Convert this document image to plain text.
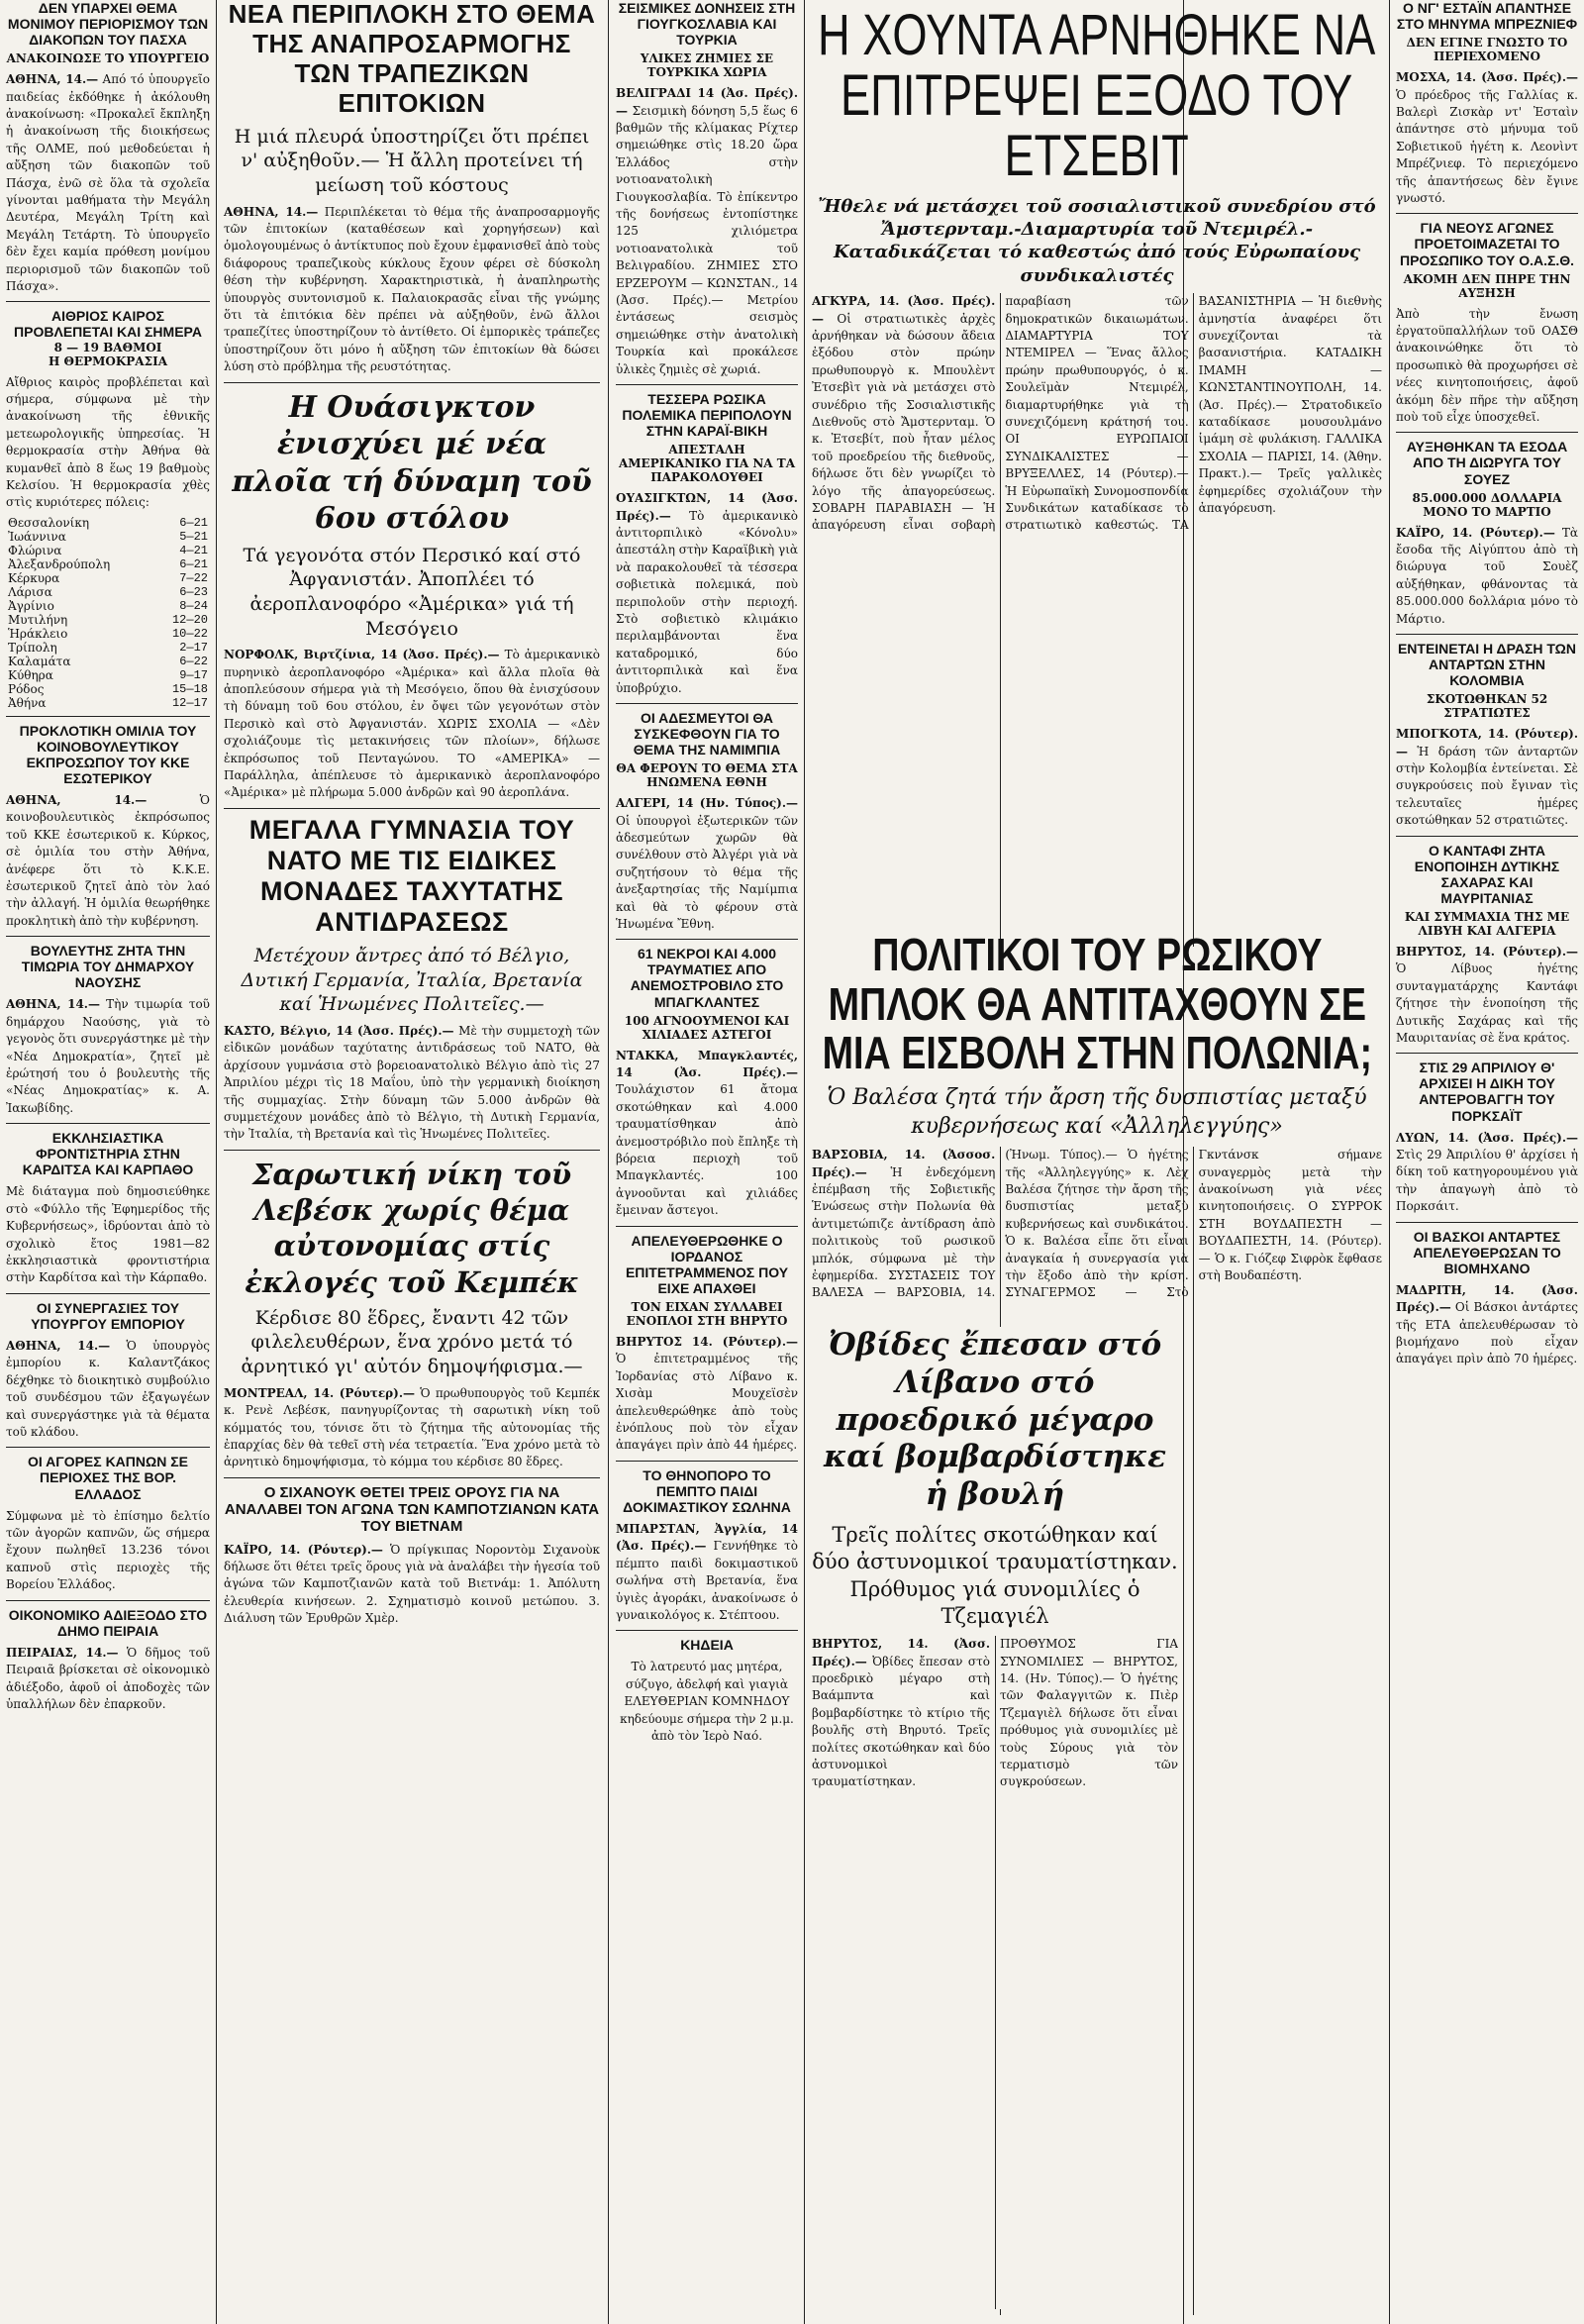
ΔΕΝ ΥΠΑΡΧΕΙ ΘΕΜΑ ΜΟΝΙΜΟΥ ΠΕΡΙΟΡΙΣΜΟΥ ΤΩΝ ΔΙΑΚΟΠΩΝ ΤΟΥ ΠΑΣΧΑ
ΑΝΑΚΟΙΝΩΣΕ ΤΟ ΥΠΟΥΡΓΕΙΟ
ΑΘΗΝΑ, 14.— Από τό ὑπουργεῖο παιδείας ἐκδόθηκε ἡ ἀκόλουθη ἀνακοίνωση: «Προκαλεῖ ἔκπληξη ἡ ἀνακοίνωση τῆς διοικήσεως τῆς ΟΛΜΕ, πού μεθοδεύεται ἡ αὔξηση τῶν διακοπῶν τοῦ Πάσχα, ἐνῶ σὲ ὅλα τὰ σχολεῖα γίνονται μαθήματα τὴν Μεγάλη Δευτέρα, Μεγάλη Τρίτη καὶ Μεγάλη Τετάρτη. Τὸ ὑπουργεῖο δὲν ἔχει καμία πρόθεση μονίμου περιορισμοῦ τῶν διακοπῶν τοῦ Πάσχα».
ΑΙΘΡΙΟΣ ΚΑΙΡΟΣ ΠΡΟΒΛΕΠΕΤΑΙ ΚΑΙ ΣΗΜΕΡΑ
8 — 19 ΒΑΘΜΟΙ
Η ΘΕΡΜΟΚΡΑΣΙΑ
Αἴθριος καιρὸς προβλέπεται καὶ σήμερα, σύμφωνα μὲ τὴν ἀνακοίνωση τῆς ἐθνικῆς μετεωρολογικῆς ὑπηρεσίας. Ἡ θερμοκρασία στὴν Ἀθήνα θὰ κυμανθεῖ ἀπὸ 8 ἕως 19 βαθμοὺς Κελσίου. Ἡ θερμοκρασία χθὲς στὶς κυριότερες πόλεις:
Θεσσαλονίκη	6—21
Ἰωάννινα	5—21
Φλώρινα	4—21
Ἀλεξανδρούπολη	6—21
Κέρκυρα	7—22
Λάρισα	6—23
Ἀγρίνιο	8—24
Μυτιλήνη	12—20
Ἡράκλειο	10—22
Τρίπολη	2—17
Καλαμάτα	6—22
Κύθηρα	9—17
Ρόδος	15—18
Ἀθήνα	12—17
ΠΡΟΚΛΟΤΙΚΗ ΟΜΙΛΙΑ ΤΟΥ ΚΟΙΝΟΒΟΥΛΕΥΤΙΚΟΥ ΕΚΠΡΟΣΩΠΟΥ ΤΟΥ ΚΚΕ ΕΣΩΤΕΡΙΚΟΥ
ΑΘΗΝΑ, 14.—	Ὁ κοινοβουλευτικὸς ἐκπρόσωπος τοῦ ΚΚΕ ἐσωτερικοῦ κ. Κύρκος, σὲ ὁμιλία του στὴν Ἀθήνα, ἀνέφερε ὅτι τὸ Κ.Κ.Ε. ἐσωτερικοῦ ζητεῖ ἀπὸ τὸν λαό τὴν ἀλλαγή. Ἡ ὁμιλία θεωρήθηκε προκλητικὴ ἀπὸ τὴν κυβέρνηση.
ΒΟΥΛΕΥΤΗΣ ΖΗΤΑ ΤΗΝ ΤΙΜΩΡΙΑ ΤΟΥ ΔΗΜΑΡΧΟΥ ΝΑΟΥΣΗΣ
ΑΘΗΝΑ, 14.— Τὴν τιμωρία τοῦ δημάρχου Ναούσης, γιὰ τὸ γεγονὸς ὅτι συνεργάστηκε μὲ τὴν «Νέα Δημοκρατία», ζητεῖ μὲ ἐρώτησή του ὁ βουλευτὴς τῆς «Νέας Δημοκρατίας» κ. Α. Ἰακωβίδης.
ΕΚΚΛΗΣΙΑΣΤΙΚΑ ΦΡΟΝΤΙΣΤΗΡΙΑ ΣΤΗΝ ΚΑΡΔΙΤΣΑ ΚΑΙ ΚΑΡΠΑΘΟ
Μὲ διάταγμα ποὺ δημοσιεύθηκε στὸ «Φύλλο τῆς Ἐφημερίδος τῆς Κυβερνήσεως», ἱδρύονται ἀπὸ τὸ σχολικὸ ἔτος 1981—82 ἐκκλησιαστικὰ φροντιστήρια στὴν Καρδίτσα καὶ τὴν Κάρπαθο.
ΟΙ ΣΥΝΕΡΓΑΣΙΕΣ ΤΟΥ ΥΠΟΥΡΓΟΥ ΕΜΠΟΡΙΟΥ
ΑΘΗΝΑ, 14.— Ὁ ὑπουργὸς ἐμπορίου κ. Καλαντζάκος δέχθηκε τὸ διοικητικὸ συμβούλιο τοῦ συνδέσμου τῶν ἐξαγωγέων καὶ συνεργάστηκε γιὰ τὰ θέματα τοῦ κλάδου.
ΟΙ ΑΓΟΡΕΣ ΚΑΠΝΩΝ ΣΕ ΠΕΡΙΟΧΕΣ ΤΗΣ ΒΟΡ. ΕΛΛΑΔΟΣ
Σύμφωνα μὲ τὸ ἐπίσημο δελτίο τῶν ἀγορῶν καπνῶν, ὥς σήμερα ἔχουν πωληθεῖ 13.236 τόνοι καπνοῦ στὶς περιοχὲς τῆς Βορείου Ἑλλάδος.
ΟΙΚΟΝΟΜΙΚΟ ΑΔΙΕΞΟΔΟ ΣΤΟ ΔΗΜΟ ΠΕΙΡΑΙΑ
ΠΕΙΡΑΙΑΣ, 14.— Ὁ δῆμος τοῦ Πειραιᾶ βρίσκεται σὲ οἰκονομικὸ ἀδιέξοδο, ἀφοῦ οἱ ἀποδοχὲς τῶν ὑπαλλήλων δὲν ἐπαρκοῦν.
ΝΕΑ ΠΕΡΙΠΛΟΚΗ ΣΤΟ ΘΕΜΑ ΤΗΣ ΑΝΑΠΡΟΣΑΡΜΟΓΗΣ ΤΩΝ ΤΡΑΠΕΖΙΚΩΝ ΕΠΙΤΟΚΙΩΝ
Η μιά πλευρά ὑποστηρίζει ὅτι πρέπει ν' αὐξηθοῦν.— Ἡ ἄλλη προτείνει τή μείωση τοῦ κόστους
ΑΘΗΝΑ, 14.— Περιπλέκεται τὸ θέμα τῆς ἀναπροσαρμογῆς τῶν ἐπιτοκίων (καταθέσεων καὶ χορηγήσεων) καὶ ὁμολογουμένως ὁ ἀντίκτυπος ποὺ ἔχουν ἐμφανισθεῖ ἀπὸ τοὺς διάφορους τραπεζικοὺς κύκλους ἔχουν φέρει σὲ δύσκολη θέση τὴν κυβέρνηση. Χαρακτηριστικὰ, ἡ ἀναπληρωτὴς ὑπουργὸς συντονισμοῦ κ. Παλαιοκρασᾶς εἶναι τῆς γνώμης ὅτι τὰ ἐπιτόκια δὲν πρέπει νὰ αὐξηθοῦν, ἐνῶ ἄλλοι τραπεζίτες ὑποστηρίζουν τὸ ἀντίθετο. Οἱ ἐμπορικὲς τράπεζες ὑποστηρίζουν ὅτι μόνο ἡ αὔξηση τῶν ἐπιτοκίων θὰ δώσει λύση στὸ πρόβλημα τῆς ρευστότητας.
Η Ουάσιγκτον ἐνισχύει μέ νέα πλοῖα τή δύναμη τοῦ 6ου στόλου
Τά γεγονότα στόν Περσικό καί στό Ἀφγανιστάν. Ἀποπλέει τό ἀεροπλανοφόρο «Ἀμέρικα» γιά τή Μεσόγειο
ΝΟΡΦΟΛΚ, Βιρτζίνια, 14 (Ἀσσ. Πρές).— Τὸ ἀμερικανικὸ πυρηνικὸ ἀεροπλανοφόρο «Ἀμέρικα» καὶ ἄλλα πλοῖα θὰ ἀποπλεύσουν σήμερα γιὰ τὴ Μεσόγειο, ὅπου θὰ ἐνισχύσουν τὴ δύναμη τοῦ 6ου στόλου, ἐν ὄψει τῶν γεγονότων στὸν Περσικὸ καὶ στὸ Ἀφγανιστάν. ΧΩΡΙΣ ΣΧΟΛΙΑ — «Δὲν σχολιάζουμε τὶς μετακινήσεις τῶν πλοίων», δήλωσε ἐκπρόσωπος τοῦ Πενταγώνου. ΤΟ «ΑΜΕΡΙΚΑ» — Παράλληλα, ἀπέπλευσε τὸ ἀμερικανικὸ ἀεροπλανοφόρο «Ἀμέρικα» μὲ πλήρωμα 5.000 ἀνδρῶν καὶ 90 ἀεροπλάνα.
ΜΕΓΑΛΑ ΓΥΜΝΑΣΙΑ ΤΟΥ ΝΑΤΟ ΜΕ ΤΙΣ ΕΙΔΙΚΕΣ ΜΟΝΑΔΕΣ ΤΑΧΥΤΑΤΗΣ ΑΝΤΙΔΡΑΣΕΩΣ
Μετέχουν ἄντρες ἀπό τό Βέλγιο, Δυτική Γερμανία, Ἰταλία, Βρετανία καί Ἡνωμένες Πολιτεῖες.—
ΚΑΣΤΟ, Βέλγιο, 14 (Ἀσσ. Πρές).— Μὲ τὴν συμμετοχὴ τῶν εἰδικῶν μονάδων ταχύτατης ἀντιδράσεως τοῦ ΝΑΤΟ, θὰ ἀρχίσουν γυμνάσια στὸ βορειοανατολικὸ Βέλγιο ἀπὸ τὶς 27 Ἀπριλίου μέχρι τὶς 18 Μαΐου, ὑπὸ τὴν γερμανικὴ διοίκηση τῆς συμμαχίας. Στὴν δύναμη τῶν 5.000 ἀνδρῶν θὰ συμμετέχουν μονάδες ἀπὸ τὸ Βέλγιο, τὴ Δυτικὴ Γερμανία, τὴν Ἰταλία, τὴ Βρετανία καὶ τὶς Ἡνωμένες Πολιτεῖες.
Σαρωτική νίκη τοῦ Λεβέσκ χωρίς θέμα αὐτονομίας στίς ἐκλογές τοῦ Κεμπέκ
Κέρδισε 80 ἕδρες, ἔναντι 42 τῶν φιλελευθέρων, ἕνα χρόνο μετά τό ἀρνητικό γι' αὐτόν δημοψήφισμα.—
ΜΟΝΤΡΕΑΛ, 14. (Ρόυτερ).— Ὁ πρωθυπουργὸς τοῦ Κεμπέκ κ. Ρενὲ Λεβέσκ, πανηγυρίζοντας τὴ σαρωτικὴ νίκη τοῦ κόμματός του, τόνισε ὅτι τὸ ζήτημα τῆς αὐτονομίας τῆς ἐπαρχίας δὲν θὰ τεθεῖ στὴ νέα τετραετία. Ἕνα χρόνο μετὰ τὸ ἀρνητικὸ δημοψήφισμα, τὸ κόμμα του κέρδισε 80 ἕδρες.
Ο ΣΙΧΑΝΟΥΚ ΘΕΤΕΙ ΤΡΕΙΣ ΟΡΟΥΣ ΓΙΑ ΝΑ ΑΝΑΛΑΒΕΙ ΤΟΝ ΑΓΩΝΑ ΤΩΝ ΚΑΜΠΟΤΖΙΑΝΩΝ ΚΑΤΑ ΤΟΥ ΒΙΕΤΝΑΜ
ΚΑΪΡΟ, 14. (Ρόυτερ).— Ὁ πρίγκιπας Νοροντὸμ Σιχανοὺκ δήλωσε ὅτι θέτει τρεῖς ὅρους γιὰ νὰ ἀναλάβει τὴν ἡγεσία τοῦ ἀγώνα τῶν Καμποτζιανῶν κατὰ τοῦ Βιετνάμ: 1. Ἀπόλυτη ἐλευθερία κινήσεων. 2. Σχηματισμὸ κοινοῦ μετώπου. 3. Διάλυση τῶν Ἐρυθρῶν Χμὲρ.
ΣΕΙΣΜΙΚΕΣ ΔΟΝΗΣΕΙΣ ΣΤΗ ΓΙΟΥΓΚΟΣΛΑΒΙΑ ΚΑΙ ΤΟΥΡΚΙΑ
ΥΛΙΚΕΣ ΖΗΜΙΕΣ ΣΕ ΤΟΥΡΚΙΚΑ ΧΩΡΙΑ
ΒΕΛΙΓΡΑΔΙ 14 (Ἀσ. Πρές).— Σεισμικὴ δόνηση 5,5 ἕως 6 βαθμῶν τῆς κλίμακας Ρίχτερ σημειώθηκε στὶς 18.20 ὥρα Ἑλλάδος στὴν νοτιοανατολικὴ Γιουγκοσλαβία. Τὸ ἐπίκεντρο τῆς δονήσεως ἐντοπίστηκε 125 χιλιόμετρα νοτιοανατολικὰ τοῦ Βελιγραδίου. ΖΗΜΙΕΣ ΣΤΟ ΕΡΖΕΡΟΥΜ — ΚΩΝΣΤΑΝ., 14 (Ἀσσ. Πρές).— Μετρίου ἐντάσεως σεισμὸς σημειώθηκε στὴν ἀνατολικὴ Τουρκία καὶ προκάλεσε ὑλικὲς ζημιὲς σὲ χωριά.
ΤΕΣΣΕΡΑ ΡΩΣΙΚΑ ΠΟΛΕΜΙΚΑ ΠΕΡΙΠΟΛΟΥΝ ΣΤΗΝ ΚΑΡΑΪ-ΒΙΚΗ
ΑΠΕΣΤΑΛΗ ΑΜΕΡΙΚΑΝΙΚΟ ΓΙΑ ΝΑ ΤΑ ΠΑΡΑΚΟΛΟΥΘΕΙ
ΟΥΑΣΙΓΚΤΩΝ, 14 (Ἀσσ. Πρές).— Τὸ ἀμερικανικὸ ἀντιτορπιλικὸ «Κόνολυ» ἀπεστάλη στὴν Καραϊβικὴ γιὰ νὰ παρακολουθεῖ τὰ τέσσερα σοβιετικὰ πολεμικά, ποὺ περιπολοῦν στὴν περιοχή. Στὸ σοβιετικὸ κλιμάκιο περιλαμβάνονται ἕνα καταδρομικό, δύο ἀντιτορπιλικὰ καὶ ἕνα ὑποβρύχιο.
ΟΙ ΑΔΕΣΜΕΥΤΟΙ ΘΑ ΣΥΣΚΕΦΘΟΥΝ ΓΙΑ ΤΟ ΘΕΜΑ ΤΗΣ ΝΑΜΙΜΠΙΑ
ΘΑ ΦΕΡΟΥΝ ΤΟ ΘΕΜΑ ΣΤΑ ΗΝΩΜΕΝΑ ΕΘΝΗ
ΑΛΓΕΡΙ, 14 (Ην. Τύπος).— Οἱ ὑπουργοὶ ἐξωτερικῶν τῶν ἀδεσμεύτων χωρῶν θὰ συνέλθουν στὸ Ἀλγέρι γιὰ νὰ συζητήσουν τὸ θέμα τῆς ἀνεξαρτησίας τῆς Ναμίμπια καὶ θὰ τὸ φέρουν στὰ Ἡνωμένα Ἔθνη.
61 ΝΕΚΡΟΙ ΚΑΙ 4.000 ΤΡΑΥΜΑΤΙΕΣ ΑΠΟ ΑΝΕΜΟΣΤΡΟΒΙΛΟ ΣΤΟ ΜΠΑΓΚΛΑΝΤΕΣ
100 ΑΓΝΟΟΥΜΕΝΟΙ ΚΑΙ ΧΙΛΙΑΔΕΣ ΑΣΤΕΓΟΙ
ΝΤΑΚΚΑ, Μπαγκλαντές, 14 (Ἀσ. Πρές).— Τουλάχιστον 61 ἄτομα σκοτώθηκαν καὶ 4.000 τραυματίσθηκαν ἀπὸ ἀνεμοστρόβιλο ποὺ ἔπληξε τὴ βόρεια περιοχὴ τοῦ Μπαγκλαντές. 100 ἀγνοοῦνται καὶ χιλιάδες ἔμειναν ἄστεγοι.
ΑΠΕΛΕΥΘΕΡΩΘΗΚΕ Ο ΙΟΡΔΑΝΟΣ ΕΠΙΤΕΤΡΑΜΜΕΝΟΣ ΠΟΥ ΕΙΧΕ ΑΠΑΧΘΕΙ
ΤΟΝ ΕΙΧΑΝ ΣΥΛΛΑΒΕΙ ΕΝΟΠΛΟΙ ΣΤΗ ΒΗΡΥΤΟ
ΒΗΡΥΤΟΣ 14. (Ρόυτερ).— Ὁ ἐπιτετραμμένος τῆς Ἰορδανίας στὸ Λίβανο κ. Χισὰμ Μουχεϊσὲν ἀπελευθερώθηκε ἀπὸ τοὺς ἐνόπλους ποὺ τὸν εἶχαν ἀπαγάγει πρὶν ἀπὸ 44 ἡμέρες.
ΤΟ ΘΗΝΟΠΟΡΟ ΤΟ ΠΕΜΠΤΟ ΠΑΙΔΙ ΔΟΚΙΜΑΣΤΙΚΟΥ ΣΩΛΗΝΑ
ΜΠΑΡΣΤΑΝ, Ἀγγλία, 14 (Ἀσ. Πρές).— Γεννήθηκε τὸ πέμπτο παιδὶ δοκιμαστικοῦ σωλήνα στὴ Βρετανία, ἕνα ὑγιὲς ἀγοράκι, ἀνακοίνωσε ὁ γυναικολόγος κ. Στέπτοου.
ΚΗΔΕΙΑ
Τὸ λατρευτό μας μητέρα, σύζυγο, ἀδελφή καὶ γιαγιὰ ΕΛΕΥΘΕΡΙΑΝ ΚΟΜΝΗΔΟΥ κηδεύουμε σήμερα τὴν 2 μ.μ. ἀπὸ τὸν Ἱερὸ Ναό.
Η ΧΟΥΝΤΑ ΑΡΝΗΘΗΚΕ ΝΑ ΕΠΙΤΡΕΨΕΙ ΕΞΟΔΟ ΤΟΥ ΕΤΣΕΒΙΤ
Ἤθελε νά μετάσχει τοῦ σοσιαλιστικοῦ συνεδρίου στό Ἄμστερνταμ.-Διαμαρτυρία τοῦ Ντεμιρέλ.-Καταδικάζεται τό καθεστώς ἀπό τούς Εὐρωπαίους συνδικαλιστές
ΑΓΚΥΡΑ, 14. (Ἀσσ. Πρές).— Οἱ στρατιωτικὲς ἀρχὲς ἀρνήθηκαν νὰ δώσουν ἄδεια ἐξόδου στὸν πρώην πρωθυπουργὸ κ. Μπουλὲντ Ἐτσεβὶτ γιὰ νὰ μετάσχει στὸ συνέδριο τῆς Σοσιαλιστικῆς Διεθνοῦς στὸ Ἄμστερνταμ. Ὁ κ. Ἐτσεβίτ, ποὺ ἦταν μέλος τοῦ προεδρείου τῆς διεθνοῦς, δήλωσε ὅτι δὲν γνωρίζει τὸ λόγο τῆς ἀπαγορεύσεως. ΣΟΒΑΡΗ ΠΑΡΑΒΙΑΣΗ — Ἡ ἀπαγόρευση εἶναι σοβαρὴ παραβίαση τῶν δημοκρατικῶν δικαιωμάτων. ΔΙΑΜΑΡΤΥΡΙΑ ΤΟΥ ΝΤΕΜΙΡΕΛ — Ἕνας ἄλλος πρώην πρωθυπουργός, ὁ κ. Σουλεϊμὰν Ντεμιρέλ, διαμαρτυρήθηκε γιὰ τὴ συνεχιζόμενη κράτησή του. ΟΙ ΕΥΡΩΠΑΙΟΙ ΣΥΝΔΙΚΑΛΙΣΤΕΣ — ΒΡΥΞΕΛΛΕΣ, 14 (Ρόυτερ).— Ἡ Εὐρωπαϊκὴ Συνομοσπονδία Συνδικάτων καταδίκασε τὸ στρατιωτικὸ καθεστώς. ΤΑ ΒΑΣΑΝΙΣΤΗΡΙΑ — Ἡ διεθνὴς ἀμνηστία ἀναφέρει ὅτι συνεχίζονται τὰ βασανιστήρια. ΚΑΤΑΔΙΚΗ ΙΜΑΜΗ — ΚΩΝΣΤΑΝΤΙΝΟΥΠΟΛΗ, 14. (Ἀσ. Πρές).— Στρατοδικεῖο καταδίκασε μουσουλμάνο ἱμάμη σὲ φυλάκιση. ΓΑΛΛΙΚΑ ΣΧΟΛΙΑ — ΠΑΡΙΣΙ, 14. (Ἀθην. Πρακτ.).— Τρεῖς γαλλικὲς ἐφημερίδες σχολιάζουν τὴν ἀπαγόρευση.
ΠΟΛΙΤΙΚΟΙ ΤΟΥ ΡΩΣΙΚΟΥ ΜΠΛΟΚ ΘΑ ΑΝΤΙΤΑΧΘΟΥΝ ΣΕ ΜΙΑ ΕΙΣΒΟΛΗ ΣΤΗΝ ΠΟΛΩΝΙΑ;
Ὁ Βαλέσα ζητά τήν ἄρση τῆς δυσπιστίας μεταξύ κυβερνήσεως καί «Ἀλληλεγγύης»
ΒΑΡΣΟΒΙΑ, 14. (Ἀσσοσ. Πρές).— Ἡ ἐνδεχόμενη ἐπέμβαση τῆς Σοβιετικῆς Ἑνώσεως στὴν Πολωνία θὰ ἀντιμετώπιζε ἀντίδραση ἀπὸ πολιτικοὺς τοῦ ρωσικοῦ μπλόκ, σύμφωνα μὲ τὴν ἐφημερίδα. ΣΥΣΤΑΣΕΙΣ ΤΟΥ ΒΑΛΕΣΑ — ΒΑΡΣΟΒΙΑ, 14. (Ἠνωμ. Τύπος).— Ὁ ἡγέτης τῆς «Ἀλληλεγγύης» κ. Λὲχ Βαλέσα ζήτησε τὴν ἄρση τῆς δυσπιστίας μεταξὺ κυβερνήσεως καὶ συνδικάτου. Ὁ κ. Βαλέσα εἶπε ὅτι εἶναι ἀναγκαία ἡ συνεργασία γιὰ τὴν ἔξοδο ἀπὸ τὴν κρίση. ΣΥΝΑΓΕΡΜΟΣ — Στὸ Γκντάνσκ σήμανε συναγερμὸς μετὰ τὴν ἀνακοίνωση γιὰ νέες κινητοποιήσεις. Ο ΣΥΡΡΟΚ ΣΤΗ ΒΟΥΔΑΠΕΣΤΗ — ΒΟΥΔΑΠΕΣΤΗ, 14. (Ρόυτερ).— Ὁ κ. Γιόζεφ Σιφρὸκ ἔφθασε στὴ Βουδαπέστη.
Ὀβίδες ἔπεσαν στό Λίβανο στό προεδρικό μέγαρο καί βομβαρδίστηκε ἡ βουλή
Τρεῖς πολίτες σκοτώθηκαν καί δύο ἀστυνομικοί τραυματίστηκαν. Πρόθυμος γιά συνομιλίες ὁ Τζεμαγιέλ
ΒΗΡΥΤΟΣ, 14. (Ἀσσ. Πρές).— Ὀβίδες ἔπεσαν στὸ προεδρικὸ μέγαρο στὴ Βαάμπντα καὶ βομβαρδίστηκε τὸ κτίριο τῆς βουλῆς στὴ Βηρυτό. Τρεῖς πολίτες σκοτώθηκαν καὶ δύο ἀστυνομικοὶ τραυματίστηκαν. ΠΡΟΘΥΜΟΣ ΓΙΑ ΣΥΝΟΜΙΛΙΕΣ — ΒΗΡΥΤΟΣ, 14. (Ην. Τύπος).— Ὁ ἡγέτης τῶν Φαλαγγιτῶν κ. Πιὲρ Τζεμαγιὲλ δήλωσε ὅτι εἶναι πρόθυμος γιὰ συνομιλίες μὲ τοὺς Σύρους γιὰ τὸν τερματισμὸ τῶν συγκρούσεων.
Ο ΝΓ' ΕΣΤΑΪΝ ΑΠΑΝΤΗΣΕ ΣΤΟ ΜΗΝΥΜΑ ΜΠΡΕΖΝΙΕΦ
ΔΕΝ ΕΓΙΝΕ ΓΝΩΣΤΟ ΤΟ ΠΕΡΙΕΧΟΜΕΝΟ
ΜΟΣΧΑ, 14. (Ἀσσ. Πρές).— Ὁ πρόεδρος τῆς Γαλλίας κ. Βαλερὶ Ζισκὰρ ντ' Ἐσταὶν ἀπάντησε στὸ μήνυμα τοῦ Σοβιετικοῦ ἡγέτη κ. Λεονὶντ Μπρέζνιεφ. Τὸ περιεχόμενο τῆς ἀπαντήσεως δὲν ἔγινε γνωστό.
ΓΙΑ ΝΕΟΥΣ ΑΓΩΝΕΣ ΠΡΟΕΤΟΙΜΑΖΕΤΑΙ ΤΟ ΠΡΟΣΩΠΙΚΟ ΤΟΥ Ο.Α.Σ.Θ.
ΑΚΟΜΗ ΔΕΝ ΠΗΡΕ ΤΗΝ ΑΥΞΗΣΗ
Ἀπὸ τὴν ἔνωση ἐργατοϋπαλλήλων τοῦ ΟΑΣΘ ἀνακοινώθηκε ὅτι τὸ προσωπικὸ θὰ προχωρήσει σὲ νέες κινητοποιήσεις, ἀφοῦ ἀκόμη δὲν πῆρε τὴν αὔξηση ποὺ τοῦ εἶχε ὑποσχεθεῖ.
ΑΥΞΗΘΗΚΑΝ ΤΑ ΕΣΟΔΑ ΑΠΟ ΤΗ ΔΙΩΡΥΓΑ ΤΟΥ ΣΟΥΕΖ
85.000.000 ΔΟΛΛΑΡΙΑ ΜΟΝΟ ΤΟ ΜΑΡΤΙΟ
ΚΑΪΡΟ, 14. (Ρόυτερ).— Τὰ ἔσοδα τῆς Αἰγύπτου ἀπὸ τὴ διώρυγα τοῦ Σουὲζ αὐξήθηκαν, φθάνοντας τὰ 85.000.000 δολλάρια μόνο τὸ Μάρτιο.
ΕΝΤΕΙΝΕΤΑΙ Η ΔΡΑΣΗ ΤΩΝ ΑΝΤΑΡΤΩΝ ΣΤΗΝ ΚΟΛΟΜΒΙΑ
ΣΚΟΤΩΘΗΚΑΝ 52 ΣΤΡΑΤΙΩΤΕΣ
ΜΠΟΓΚΟΤΑ, 14. (Ρόυτερ).— Ἡ δράση τῶν ἀνταρτῶν στὴν Κολομβία ἐντείνεται. Σὲ συγκρούσεις ποὺ ἔγιναν τὶς τελευταῖες ἡμέρες σκοτώθηκαν 52 στρατιῶτες.
Ο ΚΑΝΤΑΦΙ ΖΗΤΑ ΕΝΟΠΟΙΗΣΗ ΔΥΤΙΚΗΣ ΣΑΧΑΡΑΣ ΚΑΙ ΜΑΥΡΙΤΑΝΙΑΣ
ΚΑΙ ΣΥΜΜΑΧΙΑ ΤΗΣ ΜΕ ΛΙΒΥΗ ΚΑΙ ΑΛΓΕΡΙΑ
ΒΗΡΥΤΟΣ, 14. (Ρόυτερ).— Ὁ Λίβυος ἡγέτης συνταγματάρχης Καντάφι ζήτησε τὴν ἑνοποίηση τῆς Δυτικῆς Σαχάρας καὶ τῆς Μαυριτανίας σὲ ἕνα κράτος.
ΣΤΙΣ 29 ΑΠΡΙΛΙΟΥ Θ' ΑΡΧΙΣΕΙ Η ΔΙΚΗ ΤΟΥ ΑΝΤΕΡΟΒΑΓΓΗ ΤΟΥ ΠΟΡΚΣΑΪΤ
ΛΥΩΝ, 14. (Ἀσσ. Πρές).— Στὶς 29 Ἀπριλίου θ' ἀρχίσει ἡ δίκη τοῦ κατηγορουμένου γιὰ τὴν ἀπαγωγὴ ἀπὸ τὸ Πορκσάιτ.
ΟΙ ΒΑΣΚΟΙ ΑΝΤΑΡΤΕΣ ΑΠΕΛΕΥΘΕΡΩΣΑΝ ΤΟ ΒΙΟΜΗΧΑΝΟ
ΜΑΔΡΙΤΗ, 14. (Ἀσσ. Πρές).— Οἱ Βάσκοι ἀντάρτες τῆς ΕΤΑ ἀπελευθέρωσαν τὸ βιομήχανο ποὺ εἶχαν ἀπαγάγει πρὶν ἀπὸ 70 ἡμέρες.
